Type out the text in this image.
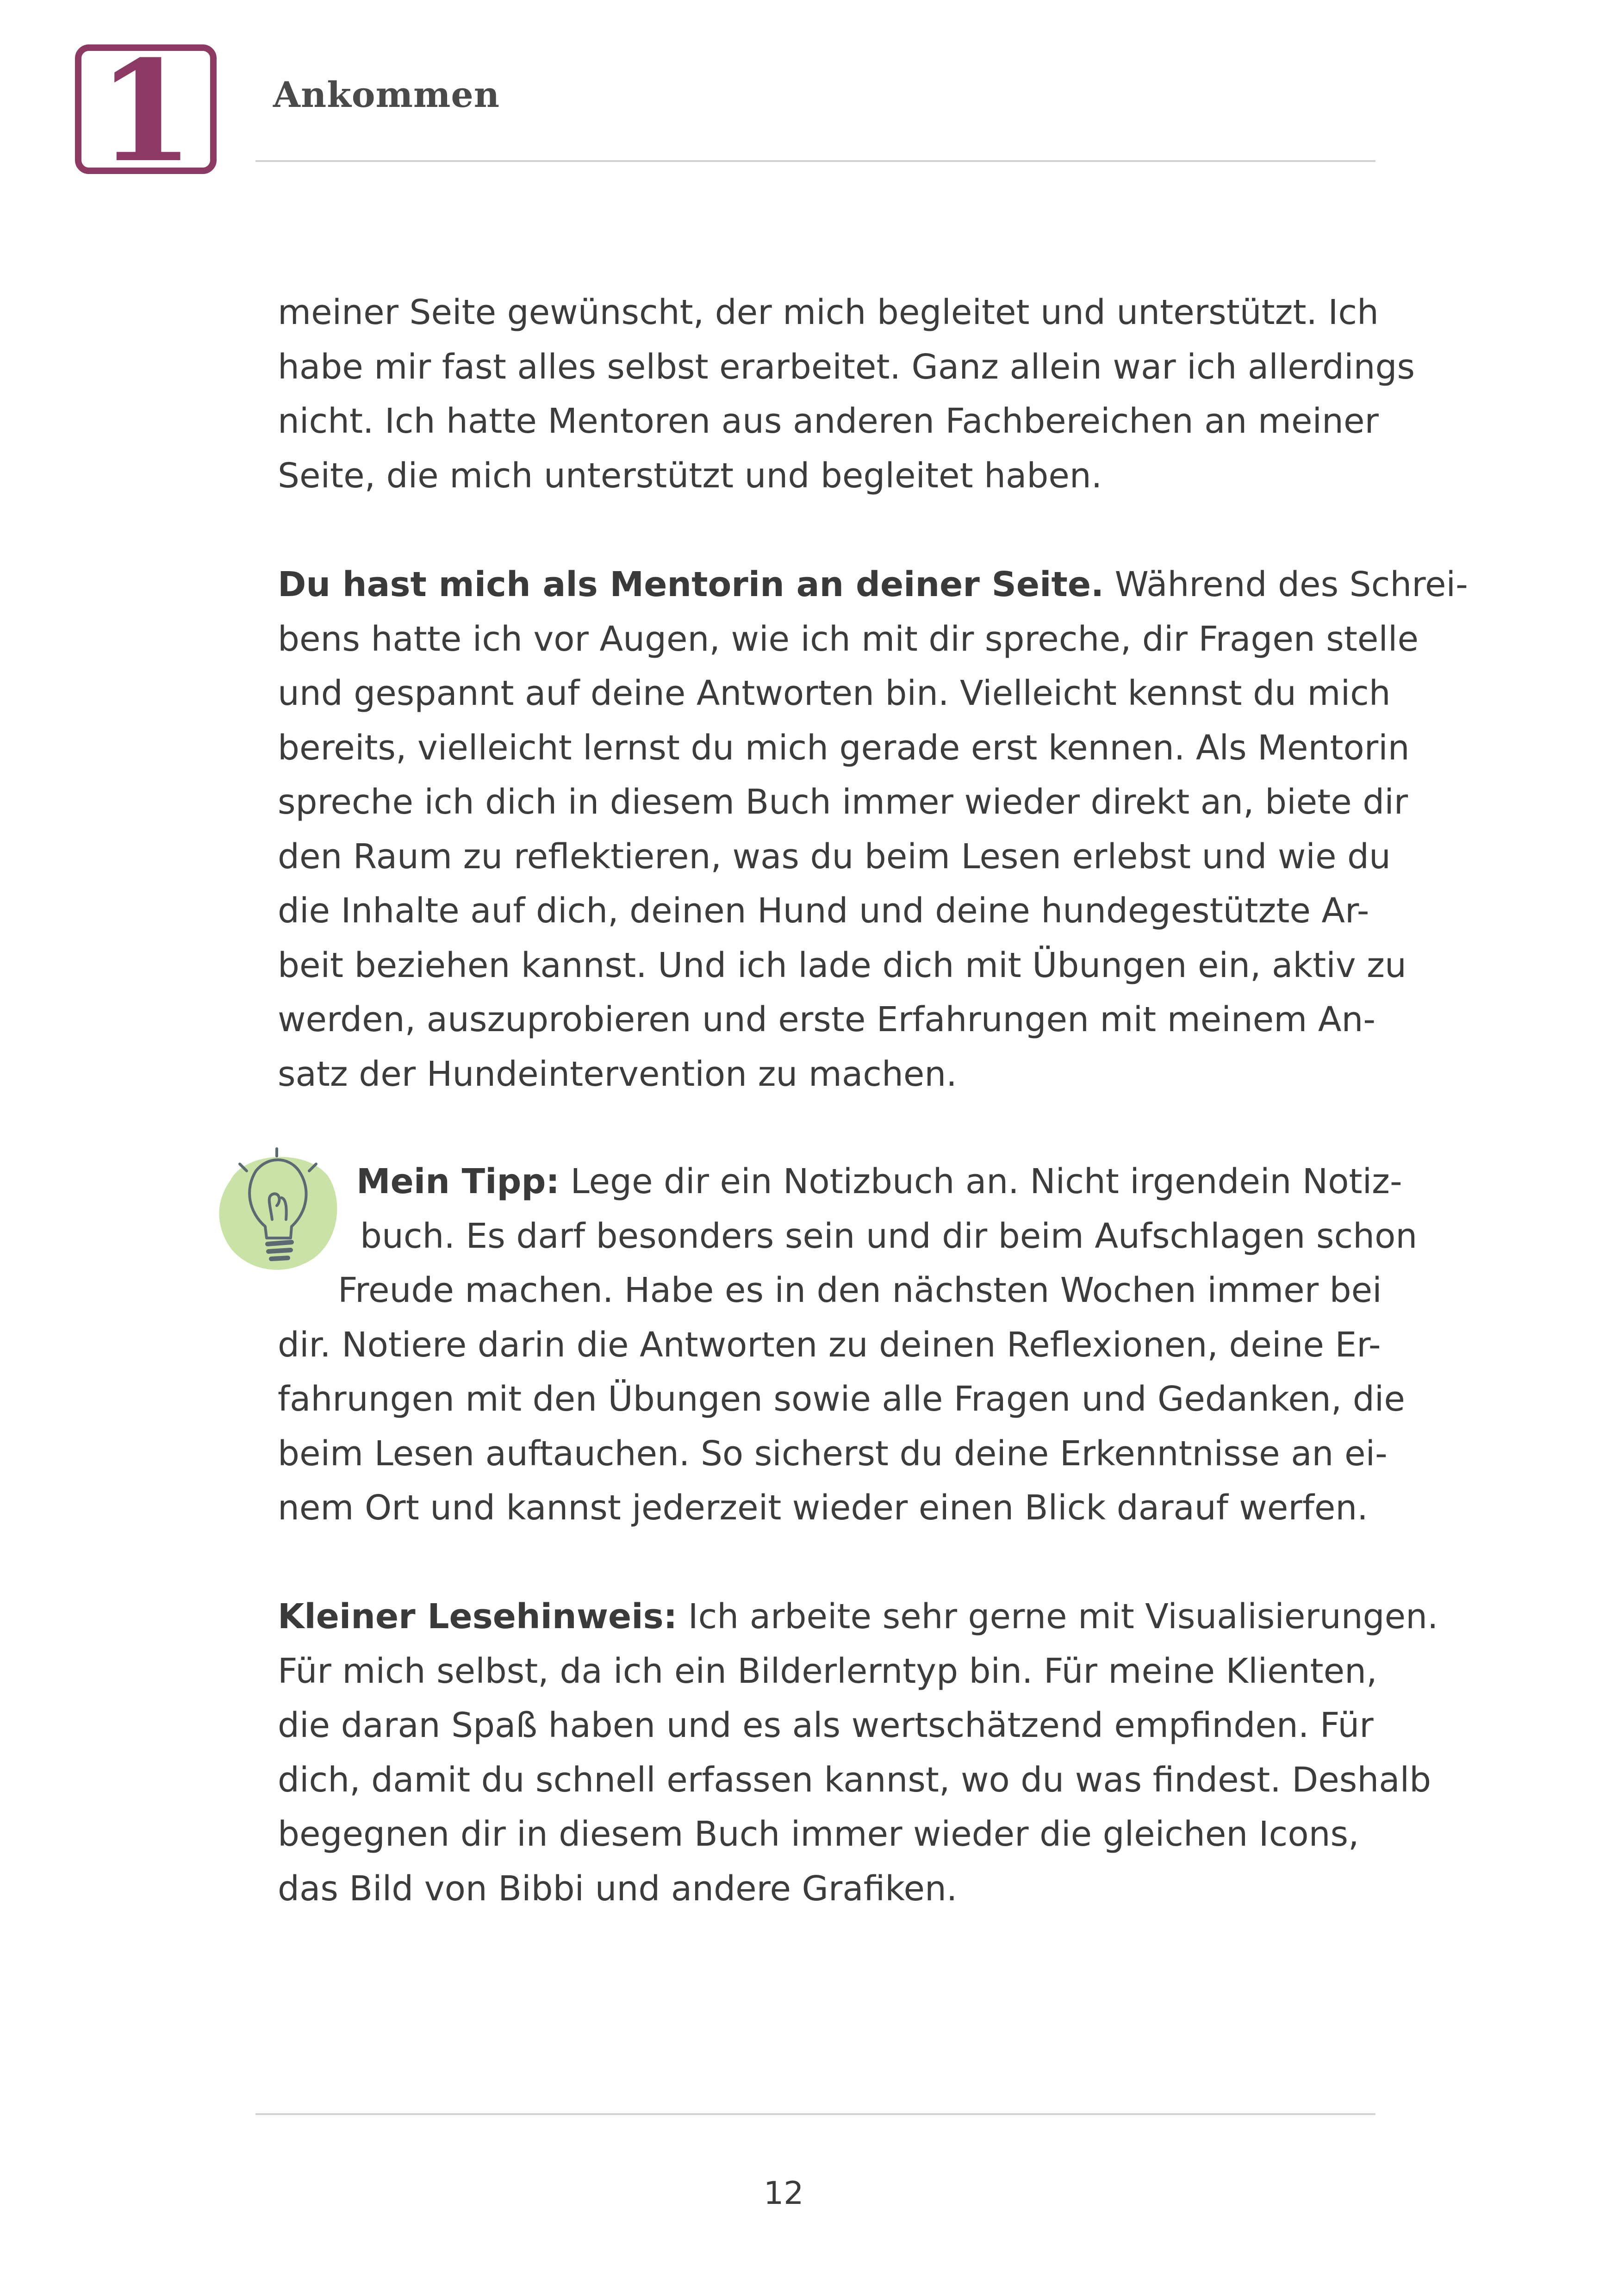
1 Ankommen
meiner Seite gewünscht, der mich begleitet und unterstützt. Ich
habe mir fast alles selbst erarbeitet. Ganz allein war ich allerdings
nicht. Ich hatte Mentoren aus anderen Fachbereichen an meiner
Seite, die mich unterstützt und begleitet haben.
Du hast mich als Mentorin an deiner Seite. Während des Schrei-
bens hatte ich vor Augen, wie ich mit dir spreche, dir Fragen stelle
und gespannt auf deine Antworten bin. Vielleicht kennst du mich
bereits, vielleicht lernst du mich gerade erst kennen. Als Mentorin
spreche ich dich in diesem Buch immer wieder direkt an, biete dir
den Raum zu reflektieren, was du beim Lesen erlebst und wie du
die Inhalte auf dich, deinen Hund und deine hundegestützte Ar-
beit beziehen kannst. Und ich lade dich mit Übungen ein, aktiv zu
werden, auszuprobieren und erste Erfahrungen mit meinem An-
satz der Hundeintervention zu machen.
Mein Tipp: Lege dir ein Notizbuch an. Nicht irgendein Notiz-
buch. Es darf besonders sein und dir beim Aufschlagen schon
Freude machen. Habe es in den nächsten Wochen immer bei
dir. Notiere darin die Antworten zu deinen Reflexionen, deine Er-
fahrungen mit den Übungen sowie alle Fragen und Gedanken, die
beim Lesen auftauchen. So sicherst du deine Erkenntnisse an ei-
nem Ort und kannst jederzeit wieder einen Blick darauf werfen.
Kleiner Lesehinweis: Ich arbeite sehr gerne mit Visualisierungen.
Für mich selbst, da ich ein Bilderlerntyp bin. Für meine Klienten,
die daran Spaß haben und es als wertschätzend empfinden. Für
dich, damit du schnell erfassen kannst, wo du was findest. Deshalb
begegnen dir in diesem Buch immer wieder die gleichen Icons,
das Bild von Bibbi und andere Grafiken.
12
